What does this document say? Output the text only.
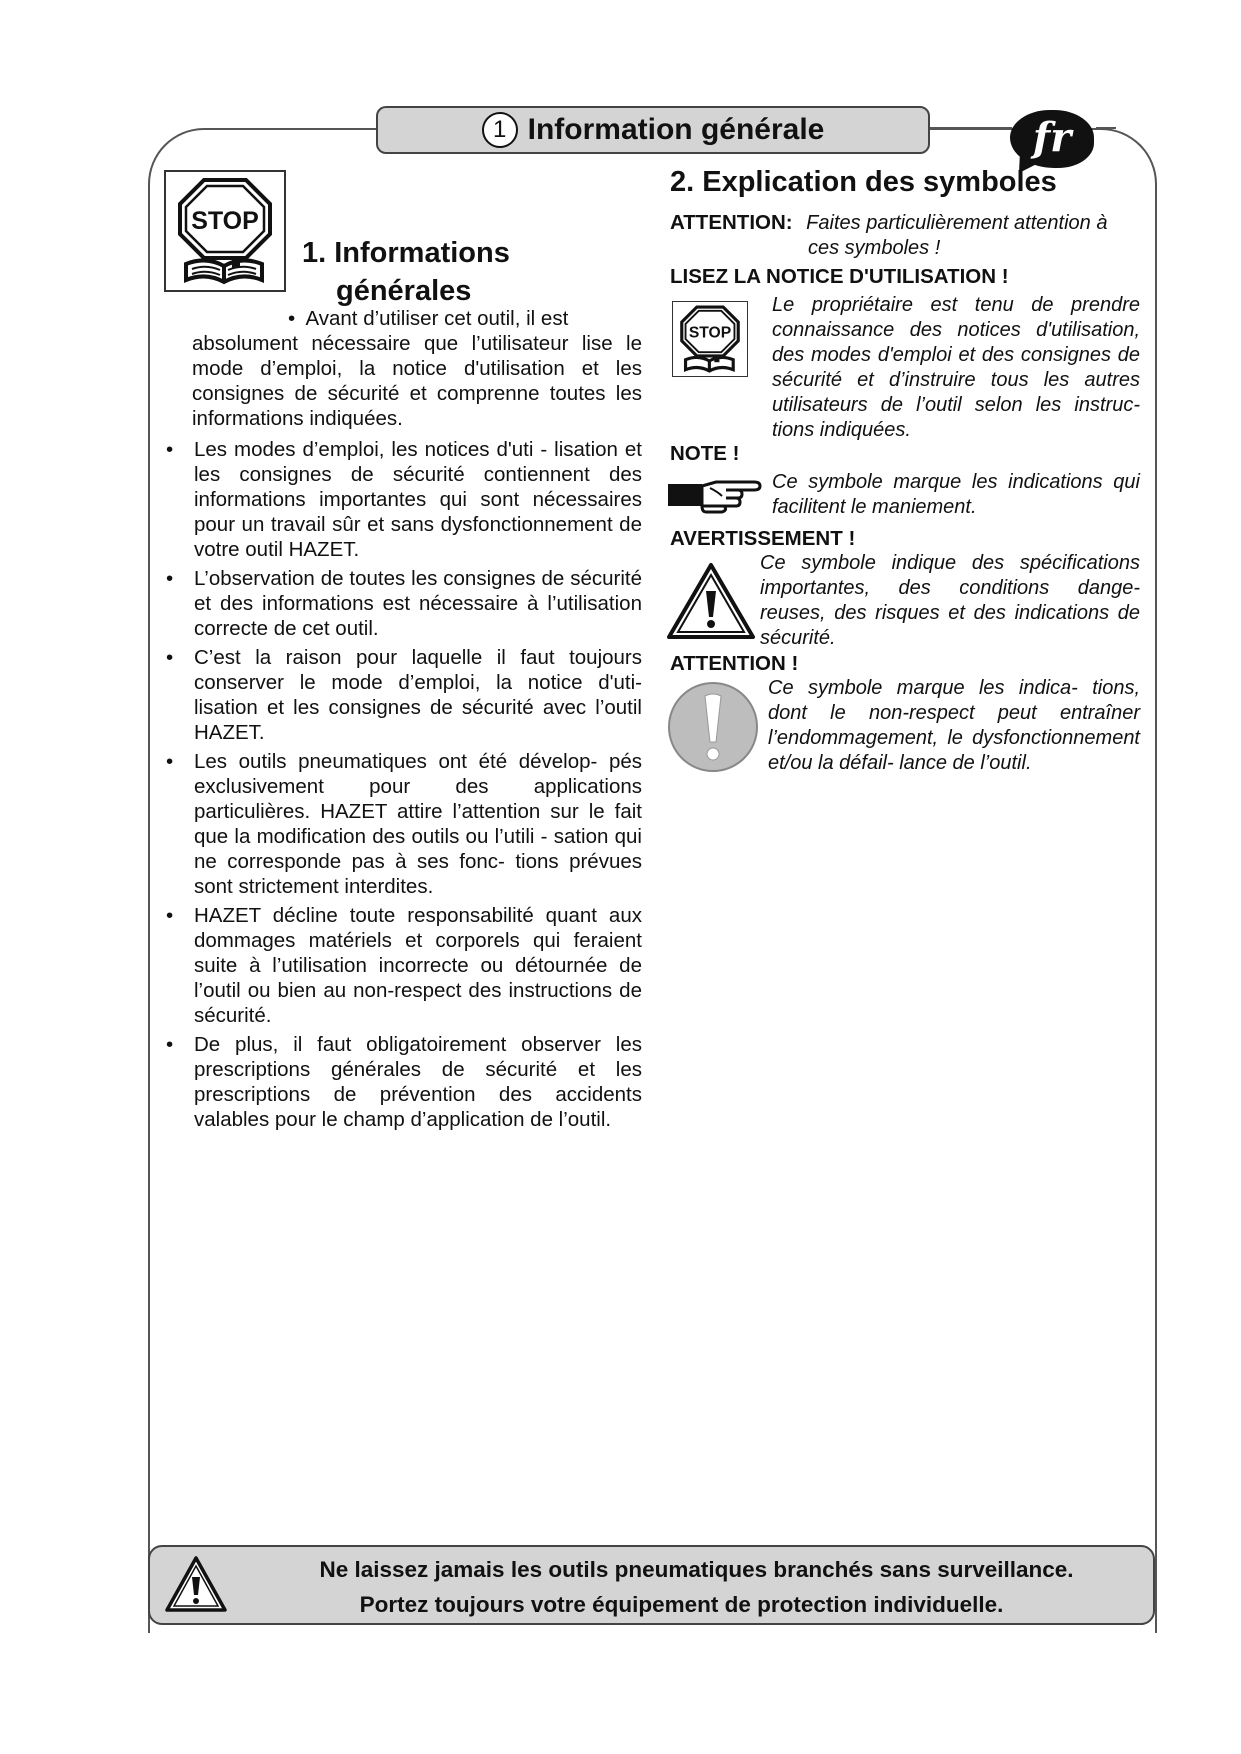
1 Information générale	fr
STOP
1. Informations
générales

• Avant d’utiliser cet outil, il est
absolument nécessaire que l’utilisateur lise le mode d’emploi, la notice d'utilisation et les consignes de sécurité et comprenne toutes les informations indiquées.

• Les modes d’emploi, les notices d'uti - lisation et les consignes de sécurité contiennent des informations importantes qui sont nécessaires pour un travail sûr et sans dysfonctionnement de votre outil HAZET.

• L’observation de toutes les consignes de sécurité et des informations est nécessaire à l’utilisation correcte de cet outil.

• C’est la raison pour laquelle il faut toujours conserver le mode d’emploi, la notice d'uti- lisation et les consignes de sécurité avec l’outil HAZET.

• Les outils pneumatiques ont été dévelop- pés exclusivement pour des applications particulières. HAZET attire l’attention sur le fait que la modification des outils ou l’utili - sation qui ne corresponde pas à ses fonc- tions prévues sont strictement interdites.

• HAZET décline toute responsabilité quant aux dommages matériels et corporels qui feraient suite à l’utilisation incorrecte ou détournée de l’outil ou bien au non-respect des instructions de sécurité.

• De plus, il faut obligatoirement observer les prescriptions générales de sécurité et les prescriptions de prévention des accidents valables pour le champ d’application de l’outil.

2. Explication des symboles
ATTENTION: Faites particulièrement attention à
ces symboles !
LISEZ LA NOTICE D'UTILISATION !
STOP
Le propriétaire est tenu de prendre connaissance des notices d'utilisation, des modes d'emploi et des consignes de sécurité et d’instruire tous les autres utilisateurs de l’outil selon les instruc- tions indiquées.
NOTE !
Ce symbole marque les indications qui facilitent le maniement.
AVERTISSEMENT !
Ce symbole indique des spécifications importantes, des conditions dange- reuses, des risques et des indications de sécurité.
ATTENTION !
Ce symbole marque les indica- tions, dont le non-respect peut entraîner l’endommagement, le dysfonctionnement et/ou la défail- lance de l’outil.
Ne laissez jamais les outils pneumatiques branchés sans surveillance.
Portez toujours votre équipement de protection individuelle.
